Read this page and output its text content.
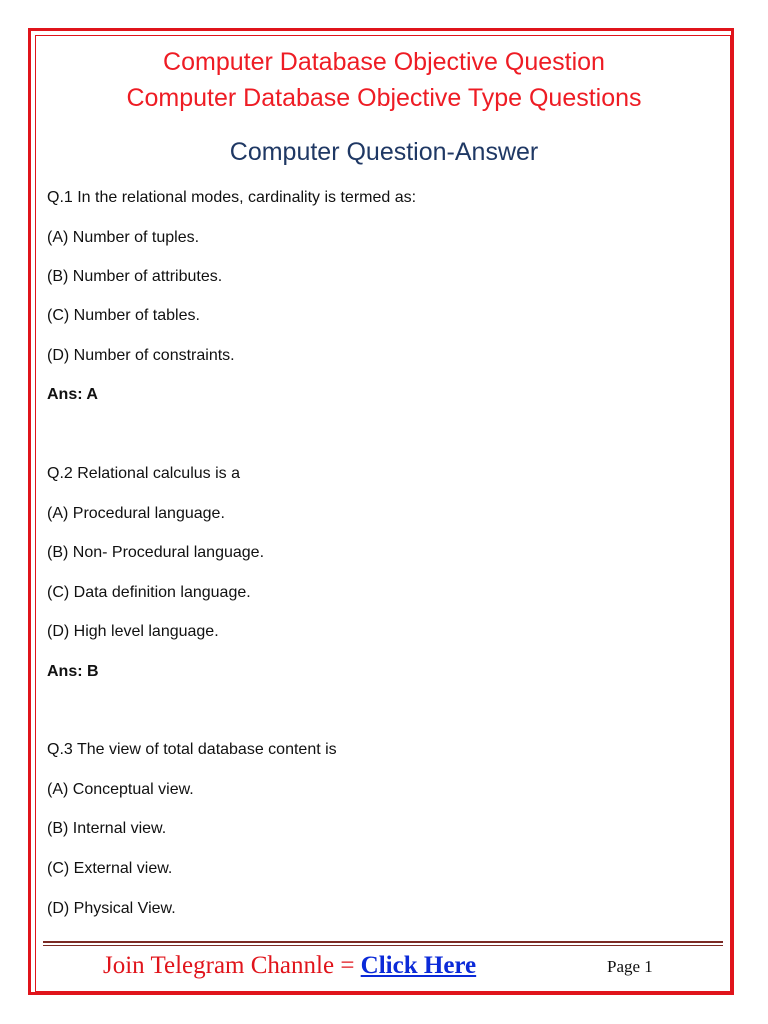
Computer Database Objective Question
Computer Database Objective Type Questions
Computer Question-Answer
Q.1 In the relational modes, cardinality is termed as:
(A) Number of tuples.
(B) Number of attributes.
(C) Number of tables.
(D) Number of constraints.
Ans: A
Q.2 Relational calculus is a
(A) Procedural language.
(B) Non- Procedural language.
(C) Data definition language.
(D) High level language.
Ans: B
Q.3 The view of total database content is
(A) Conceptual view.
(B) Internal view.
(C) External view.
(D) Physical View.
Join Telegram Channle = Click Here	Page 1
